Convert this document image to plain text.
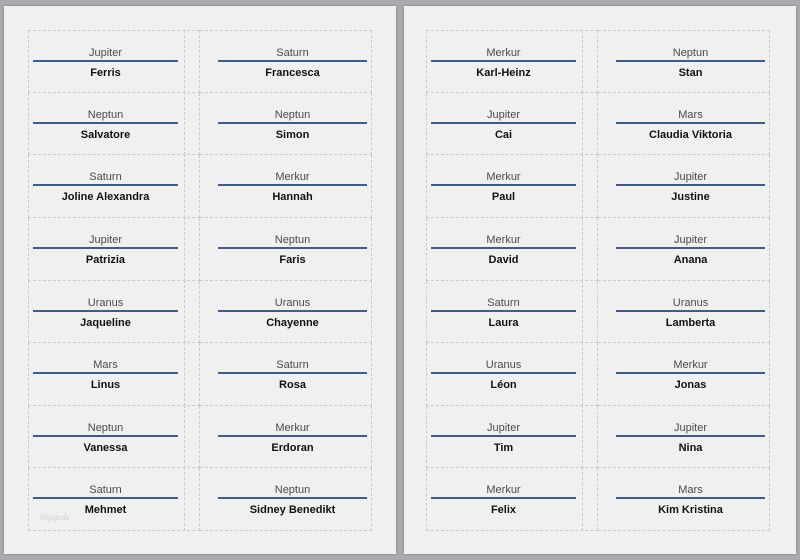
Jupiter
Ferris
Saturn
Francesca
Neptun
Salvatore
Neptun
Simon
Saturn
Joline Alexandra
Merkur
Hannah
Jupiter
Patrizia
Neptun
Faris
Uranus
Jaqueline
Uranus
Chayenne
Mars
Linus
Saturn
Rosa
Neptun
Vanessa
Merkur
Erdoran
Saturn
Mehmet
Neptun
Sidney Benedikt
bhygeds
Merkur
Karl-Heinz
Neptun
Stan
Jupiter
Cai
Mars
Claudia Viktoria
Merkur
Paul
Jupiter
Justine
Merkur
David
Jupiter
Anana
Saturn
Laura
Uranus
Lamberta
Uranus
Léon
Merkur
Jonas
Jupiter
Tim
Jupiter
Nina
Merkur
Felix
Mars
Kim Kristina
